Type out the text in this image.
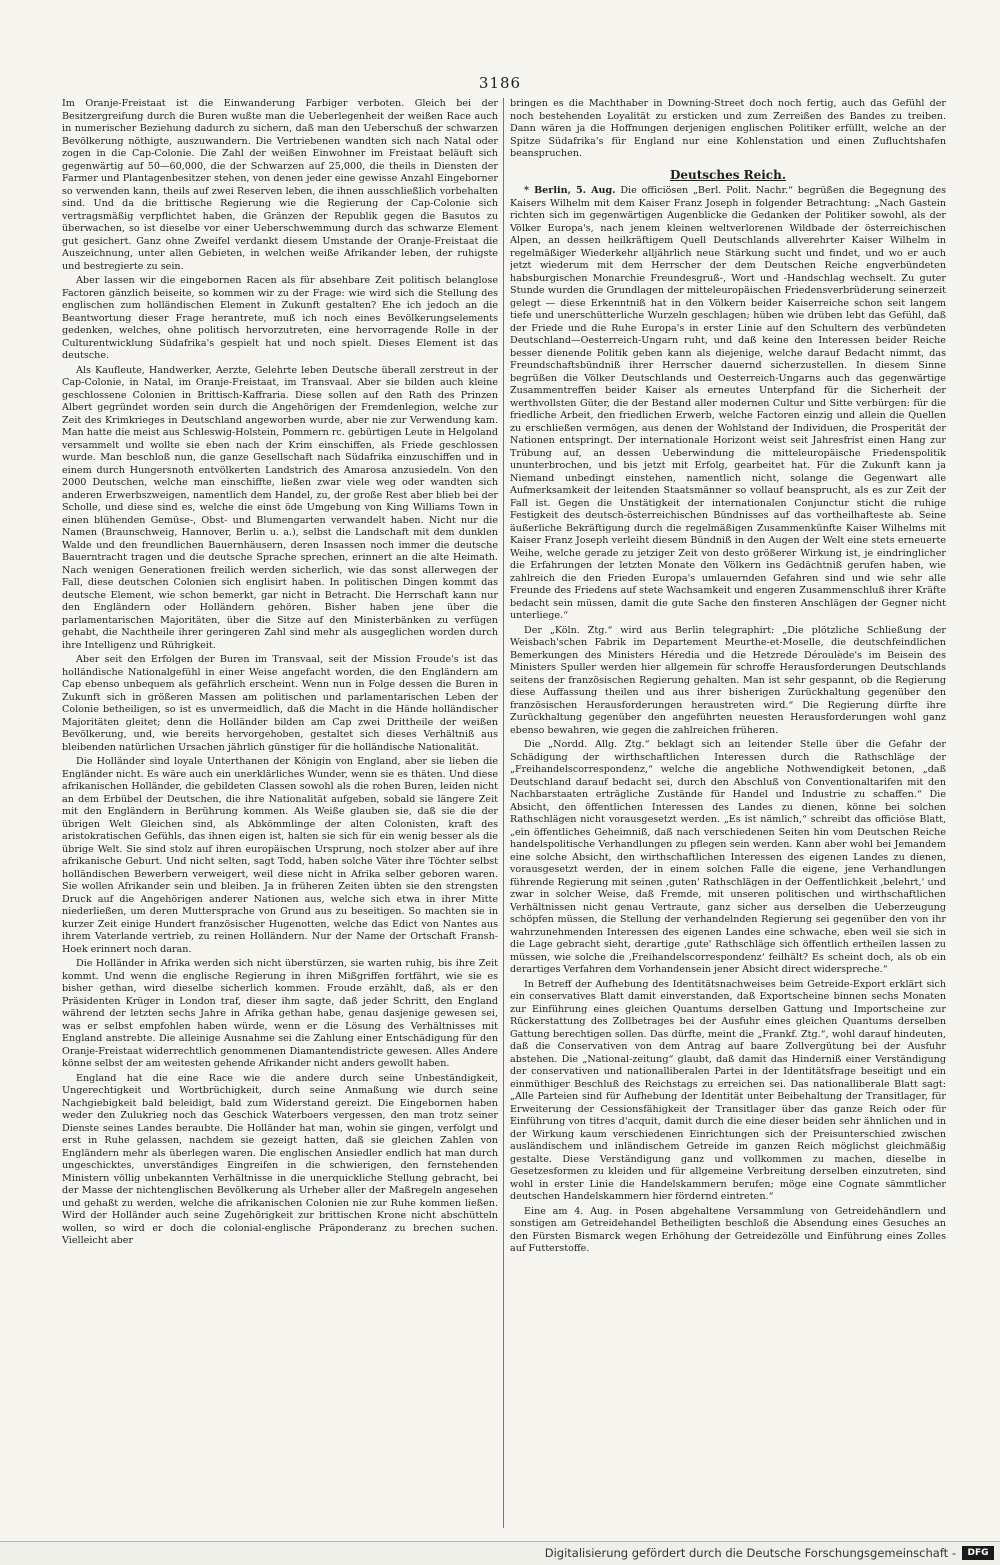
3186

Im Oranje-Freistaat ist die Einwanderung Farbiger verboten. Gleich bei der Besitzergreifung durch die Buren wußte man die Ueberlegenheit der weißen Race auch in numerischer Beziehung dadurch zu sichern, daß man den Ueberschuß der schwarzen Bevölkerung nöthigte, auszuwandern. Die Vertriebenen wandten sich nach Natal oder zogen in die Cap-Colonie. Die Zahl der weißen Einwohner im Freistaat beläuft sich gegenwärtig auf 50—60,000, die der Schwarzen auf 25,000, die theils in Diensten der Farmer und Plantagenbesitzer stehen, von denen jeder eine gewisse Anzahl Eingeborner so verwenden kann, theils auf zwei Reserven leben, die ihnen ausschließlich vorbehalten sind. Und da die brittische Regierung wie die Regierung der Cap-Colonie sich vertragsmäßig verpflichtet haben, die Gränzen der Republik gegen die Basutos zu überwachen, so ist dieselbe vor einer Ueberschwemmung durch das schwarze Element gut gesichert. Ganz ohne Zweifel verdankt diesem Umstande der Oranje-Freistaat die Auszeichnung, unter allen Gebieten, in welchen weiße Afrikander leben, der ruhigste und bestregierte zu sein.

Aber lassen wir die eingebornen Racen als für absehbare Zeit politisch belanglose Factoren gänzlich beiseite, so kommen wir zu der Frage: wie wird sich die Stellung des englischen zum holländischen Element in Zukunft gestalten? Ehe ich jedoch an die Beantwortung dieser Frage herantrete, muß ich noch eines Bevölkerungselements gedenken, welches, ohne politisch hervorzutreten, eine hervorragende Rolle in der Culturentwicklung Südafrika's gespielt hat und noch spielt. Dieses Element ist das deutsche.

Als Kaufleute, Handwerker, Aerzte, Gelehrte leben Deutsche überall zerstreut in der Cap-Colonie, in Natal, im Oranje-Freistaat, im Transvaal. Aber sie bilden auch kleine geschlossene Colonien in Brittisch-Kaffraria. Diese sollen auf den Rath des Prinzen Albert gegründet worden sein durch die Angehörigen der Fremdenlegion, welche zur Zeit des Krimkrieges in Deutschland angeworben wurde, aber nie zur Verwendung kam. Man hatte die meist aus Schleswig-Holstein, Pommern rc. gebürtigen Leute in Helgoland versammelt und wollte sie eben nach der Krim einschiffen, als Friede geschlossen wurde. Man beschloß nun, die ganze Gesellschaft nach Südafrika einzuschiffen und in einem durch Hungersnoth entvölkerten Landstrich des Amarosa anzusiedeln. Von den 2000 Deutschen, welche man einschiffte, ließen zwar viele weg oder wandten sich anderen Erwerbszweigen, namentlich dem Handel, zu, der große Rest aber blieb bei der Scholle, und diese sind es, welche die einst öde Umgebung von King Williams Town in einen blühenden Gemüse-, Obst- und Blumengarten verwandelt haben. Nicht nur die Namen (Braunschweig, Hannover, Berlin u. a.), selbst die Landschaft mit dem dunklen Walde und den freundlichen Bauernhäusern, deren Insassen noch immer die deutsche Bauerntracht tragen und die deutsche Sprache sprechen, erinnert an die alte Heimath. Nach wenigen Generationen freilich werden sicherlich, wie das sonst allerwegen der Fall, diese deutschen Colonien sich englisirt haben. In politischen Dingen kommt das deutsche Element, wie schon bemerkt, gar nicht in Betracht. Die Herrschaft kann nur den Engländern oder Holländern gehören. Bisher haben jene über die parlamentarischen Majoritäten, über die Sitze auf den Ministerbänken zu verfügen gehabt, die Nachtheile ihrer geringeren Zahl sind mehr als ausgeglichen worden durch ihre Intelligenz und Rührigkeit.

Aber seit den Erfolgen der Buren im Transvaal, seit der Mission Froude's ist das holländische Nationalgefühl in einer Weise angefacht worden, die den Engländern am Cap ebenso unbequem als gefährlich erscheint. Wenn nun in Folge dessen die Buren in Zukunft sich in größeren Massen am politischen und parlamentarischen Leben der Colonie betheiligen, so ist es unvermeidlich, daß die Macht in die Hände holländischer Majoritäten gleitet; denn die Holländer bilden am Cap zwei Drittheile der weißen Bevölkerung, und, wie bereits hervorgehoben, gestaltet sich dieses Verhältniß aus bleibenden natürlichen Ursachen jährlich günstiger für die holländische Nationalität.

Die Holländer sind loyale Unterthanen der Königin von England, aber sie lieben die Engländer nicht. Es wäre auch ein unerklärliches Wunder, wenn sie es thäten. Und diese afrikanischen Holländer, die gebildeten Classen sowohl als die rohen Buren, leiden nicht an dem Erbübel der Deutschen, die ihre Nationalität aufgeben, sobald sie längere Zeit mit den Engländern in Berührung kommen. Als Weiße glauben sie, daß sie die der übrigen Welt Gleichen sind, als Abkömmlinge der alten Colonisten, kraft des aristokratischen Gefühls, das ihnen eigen ist, halten sie sich für ein wenig besser als die übrige Welt. Sie sind stolz auf ihren europäischen Ursprung, noch stolzer aber auf ihre afrikanische Geburt. Und nicht selten, sagt Todd, haben solche Väter ihre Töchter selbst holländischen Bewerbern verweigert, weil diese nicht in Afrika selber geboren waren. Sie wollen Afrikander sein und bleiben. Ja in früheren Zeiten übten sie den strengsten Druck auf die Angehörigen anderer Nationen aus, welche sich etwa in ihrer Mitte niederließen, um deren Muttersprache von Grund aus zu beseitigen. So machten sie in kurzer Zeit einige Hundert französischer Hugenotten, welche das Edict von Nantes aus ihrem Vaterlande vertrieb, zu reinen Holländern. Nur der Name der Ortschaft Fransh-Hoek erinnert noch daran.

Die Holländer in Afrika werden sich nicht überstürzen, sie warten ruhig, bis ihre Zeit kommt. Und wenn die englische Regierung in ihren Mißgriffen fortfährt, wie sie es bisher gethan, wird dieselbe sicherlich kommen. Froude erzählt, daß, als er den Präsidenten Krüger in London traf, dieser ihm sagte, daß jeder Schritt, den England während der letzten sechs Jahre in Afrika gethan habe, genau dasjenige gewesen sei, was er selbst empfohlen haben würde, wenn er die Lösung des Verhältnisses mit England anstrebte. Die alleinige Ausnahme sei die Zahlung einer Entschädigung für den Oranje-Freistaat widerrechtlich genommenen Diamantendistricte gewesen. Alles Andere könne selbst der am weitesten gehende Afrikander nicht anders gewollt haben.

England hat die eine Race wie die andere durch seine Unbeständigkeit, Ungerechtigkeit und Wortbrüchigkeit, durch seine Anmaßung wie durch seine Nachgiebigkeit bald beleidigt, bald zum Widerstand gereizt. Die Eingebornen haben weder den Zulukrieg noch das Geschick Waterboers vergessen, den man trotz seiner Dienste seines Landes beraubte. Die Holländer hat man, wohin sie gingen, verfolgt und erst in Ruhe gelassen, nachdem sie gezeigt hatten, daß sie gleichen Zahlen von Engländern mehr als überlegen waren. Die englischen Ansiedler endlich hat man durch ungeschicktes, unverständiges Eingreifen in die schwierigen, den fernstehenden Ministern völlig unbekannten Verhältnisse in die unerquickliche Stellung gebracht, bei der Masse der nichtenglischen Bevölkerung als Urheber aller der Maßregeln angesehen und gehaßt zu werden, welche die afrikanischen Colonien nie zur Ruhe kommen ließen. Wird der Holländer auch seine Zugehörigkeit zur brittischen Krone nicht abschütteln wollen, so wird er doch die colonial-englische Präponderanz zu brechen suchen. Vielleicht aber

bringen es die Machthaber in Downing-Street doch noch fertig, auch das Gefühl der noch bestehenden Loyalität zu ersticken und zum Zerreißen des Bandes zu treiben. Dann wären ja die Hoffnungen derjenigen englischen Politiker erfüllt, welche an der Spitze Südafrika's für England nur eine Kohlenstation und einen Zufluchtshafen beanspruchen.

Deutsches Reich.

* Berlin, 5. Aug. Die officiösen „Berl. Polit. Nachr.“ begrüßen die Begegnung des Kaisers Wilhelm mit dem Kaiser Franz Joseph in folgender Betrachtung: „Nach Gastein richten sich im gegenwärtigen Augenblicke die Gedanken der Politiker sowohl, als der Völker Europa's, nach jenem kleinen weltverlorenen Wildbade der österreichischen Alpen, an dessen heilkräftigem Quell Deutschlands allverehrter Kaiser Wilhelm in regelmäßiger Wiederkehr alljährlich neue Stärkung sucht und findet, und wo er auch jetzt wiederum mit dem Herrscher der dem Deutschen Reiche engverbündeten habsburgischen Monarchie Freundesgruß-, Wort und -Handschlag wechselt. Zu guter Stunde wurden die Grundlagen der mitteleuropäischen Friedensverbrüderung seinerzeit gelegt — diese Erkenntniß hat in den Völkern beider Kaiserreiche schon seit langem tiefe und unerschütterliche Wurzeln geschlagen; hüben wie drüben lebt das Gefühl, daß der Friede und die Ruhe Europa's in erster Linie auf den Schultern des verbündeten Deutschland—Oesterreich-Ungarn ruht, und daß keine den Interessen beider Reiche besser dienende Politik geben kann als diejenige, welche darauf Bedacht nimmt, das Freundschaftsbündniß ihrer Herrscher dauernd sicherzustellen. In diesem Sinne begrüßen die Völker Deutschlands und Oesterreich-Ungarns auch das gegenwärtige Zusammentreffen beider Kaiser als erneutes Unterpfand für die Sicherheit der werthvollsten Güter, die der Bestand aller modernen Cultur und Sitte verbürgen: für die friedliche Arbeit, den friedlichen Erwerb, welche Factoren einzig und allein die Quellen zu erschließen vermögen, aus denen der Wohlstand der Individuen, die Prosperität der Nationen entspringt. Der internationale Horizont weist seit Jahresfrist einen Hang zur Trübung auf, an dessen Ueberwindung die mitteleuropäische Friedenspolitik ununterbrochen, und bis jetzt mit Erfolg, gearbeitet hat. Für die Zukunft kann ja Niemand unbedingt einstehen, namentlich nicht, solange die Gegenwart alle Aufmerksamkeit der leitenden Staatsmänner so vollauf beansprucht, als es zur Zeit der Fall ist. Gegen die Unstätigkeit der internationalen Conjunctur sticht die ruhige Festigkeit des deutsch-österreichischen Bündnisses auf das vortheilhafteste ab. Seine äußerliche Bekräftigung durch die regelmäßigen Zusammenkünfte Kaiser Wilhelms mit Kaiser Franz Joseph verleiht diesem Bündniß in den Augen der Welt eine stets erneuerte Weihe, welche gerade zu jetziger Zeit von desto größerer Wirkung ist, je eindringlicher die Erfahrungen der letzten Monate den Völkern ins Gedächtniß gerufen haben, wie zahlreich die den Frieden Europa's umlauernden Gefahren sind und wie sehr alle Freunde des Friedens auf stete Wachsamkeit und engeren Zusammenschluß ihrer Kräfte bedacht sein müssen, damit die gute Sache den finsteren Anschlägen der Gegner nicht unterliege.“

Der „Köln. Ztg.“ wird aus Berlin telegraphirt: „Die plötzliche Schließung der Weisbach'schen Fabrik im Departement Meurthe-et-Moselle, die deutschfeindlichen Bemerkungen des Ministers Héredia und die Hetzrede Déroulède's im Beisein des Ministers Spuller werden hier allgemein für schroffe Herausforderungen Deutschlands seitens der französischen Regierung gehalten. Man ist sehr gespannt, ob die Regierung diese Auffassung theilen und aus ihrer bisherigen Zurückhaltung gegenüber den französischen Herausforderungen heraustreten wird.“ Die Regierung dürfte ihre Zurückhaltung gegenüber den angeführten neuesten Herausforderungen wohl ganz ebenso bewahren, wie gegen die zahlreichen früheren.

Die „Nordd. Allg. Ztg.“ beklagt sich an leitender Stelle über die Gefahr der Schädigung der wirthschaftlichen Interessen durch die Rathschläge der „Freihandelscorrespondenz,“ welche die angebliche Nothwendigkeit betonen, „daß Deutschland darauf bedacht sei, durch den Abschluß von Conventionaltarifen mit den Nachbarstaaten erträgliche Zustände für Handel und Industrie zu schaffen.“ Die Absicht, den öffentlichen Interessen des Landes zu dienen, könne bei solchen Rathschlägen nicht vorausgesetzt werden. „Es ist nämlich,“ schreibt das officiöse Blatt, „ein öffentliches Geheimniß, daß nach verschiedenen Seiten hin vom Deutschen Reiche handelspolitische Verhandlungen zu pflegen sein werden. Kann aber wohl bei Jemandem eine solche Absicht, den wirthschaftlichen Interessen des eigenen Landes zu dienen, vorausgesetzt werden, der in einem solchen Falle die eigene, jene Verhandlungen führende Regierung mit seinen ‚guten' Rathschlägen in der Oeffentlichkeit ‚belehrt,' und zwar in solcher Weise, daß Fremde, mit unseren politischen und wirthschaftlichen Verhältnissen nicht genau Vertraute, ganz sicher aus derselben die Ueberzeugung schöpfen müssen, die Stellung der verhandelnden Regierung sei gegenüber den von ihr wahrzunehmenden Interessen des eigenen Landes eine schwache, eben weil sie sich in die Lage gebracht sieht, derartige ‚gute' Rathschläge sich öffentlich ertheilen lassen zu müssen, wie solche die ‚Freihandelscorrespondenz‘ feilhält? Es scheint doch, als ob ein derartiges Verfahren dem Vorhandensein jener Absicht direct widerspreche.“

In Betreff der Aufhebung des Identitätsnachweises beim Getreide-Export erklärt sich ein conservatives Blatt damit einverstanden, daß Exportscheine binnen sechs Monaten zur Einführung eines gleichen Quantums derselben Gattung und Importscheine zur Rückerstattung des Zollbetrages bei der Ausfuhr eines gleichen Quantums derselben Gattung berechtigen sollen. Das dürfte, meint die „Frankf. Ztg.“, wohl darauf hindeuten, daß die Conservativen von dem Antrag auf baare Zollvergütung bei der Ausfuhr abstehen. Die „National-zeitung“ glaubt, daß damit das Hinderniß einer Verständigung der conservativen und nationalliberalen Partei in der Identitätsfrage beseitigt und ein einmüthiger Beschluß des Reichstags zu erreichen sei. Das nationalliberale Blatt sagt: „Alle Parteien sind für Aufhebung der Identität unter Beibehaltung der Transitlager, für Erweiterung der Cessionsfähigkeit der Transitlager über das ganze Reich oder für Einführung von titres d'acquit, damit durch die eine dieser beiden sehr ähnlichen und in der Wirkung kaum verschiedenen Einrichtungen sich der Preisunterschied zwischen ausländischem und inländischem Getreide im ganzen Reich möglichst gleichmäßig gestalte. Diese Verständigung ganz und vollkommen zu machen, dieselbe in Gesetzesformen zu kleiden und für allgemeine Verbreitung derselben einzutreten, sind wohl in erster Linie die Handelskammern berufen; möge eine Cognate sämmtlicher deutschen Handelskammern hier fördernd eintreten.“

Eine am 4. Aug. in Posen abgehaltene Versammlung von Getreidehändlern und sonstigen am Getreidehandel Betheiligten beschloß die Absendung eines Gesuches an den Fürsten Bismarck wegen Erhöhung der Getreidezölle und Einführung eines Zolles auf Futterstoffe.

Digitalisierung gefördert durch die Deutsche Forschungsgemeinschaft -	DFG
